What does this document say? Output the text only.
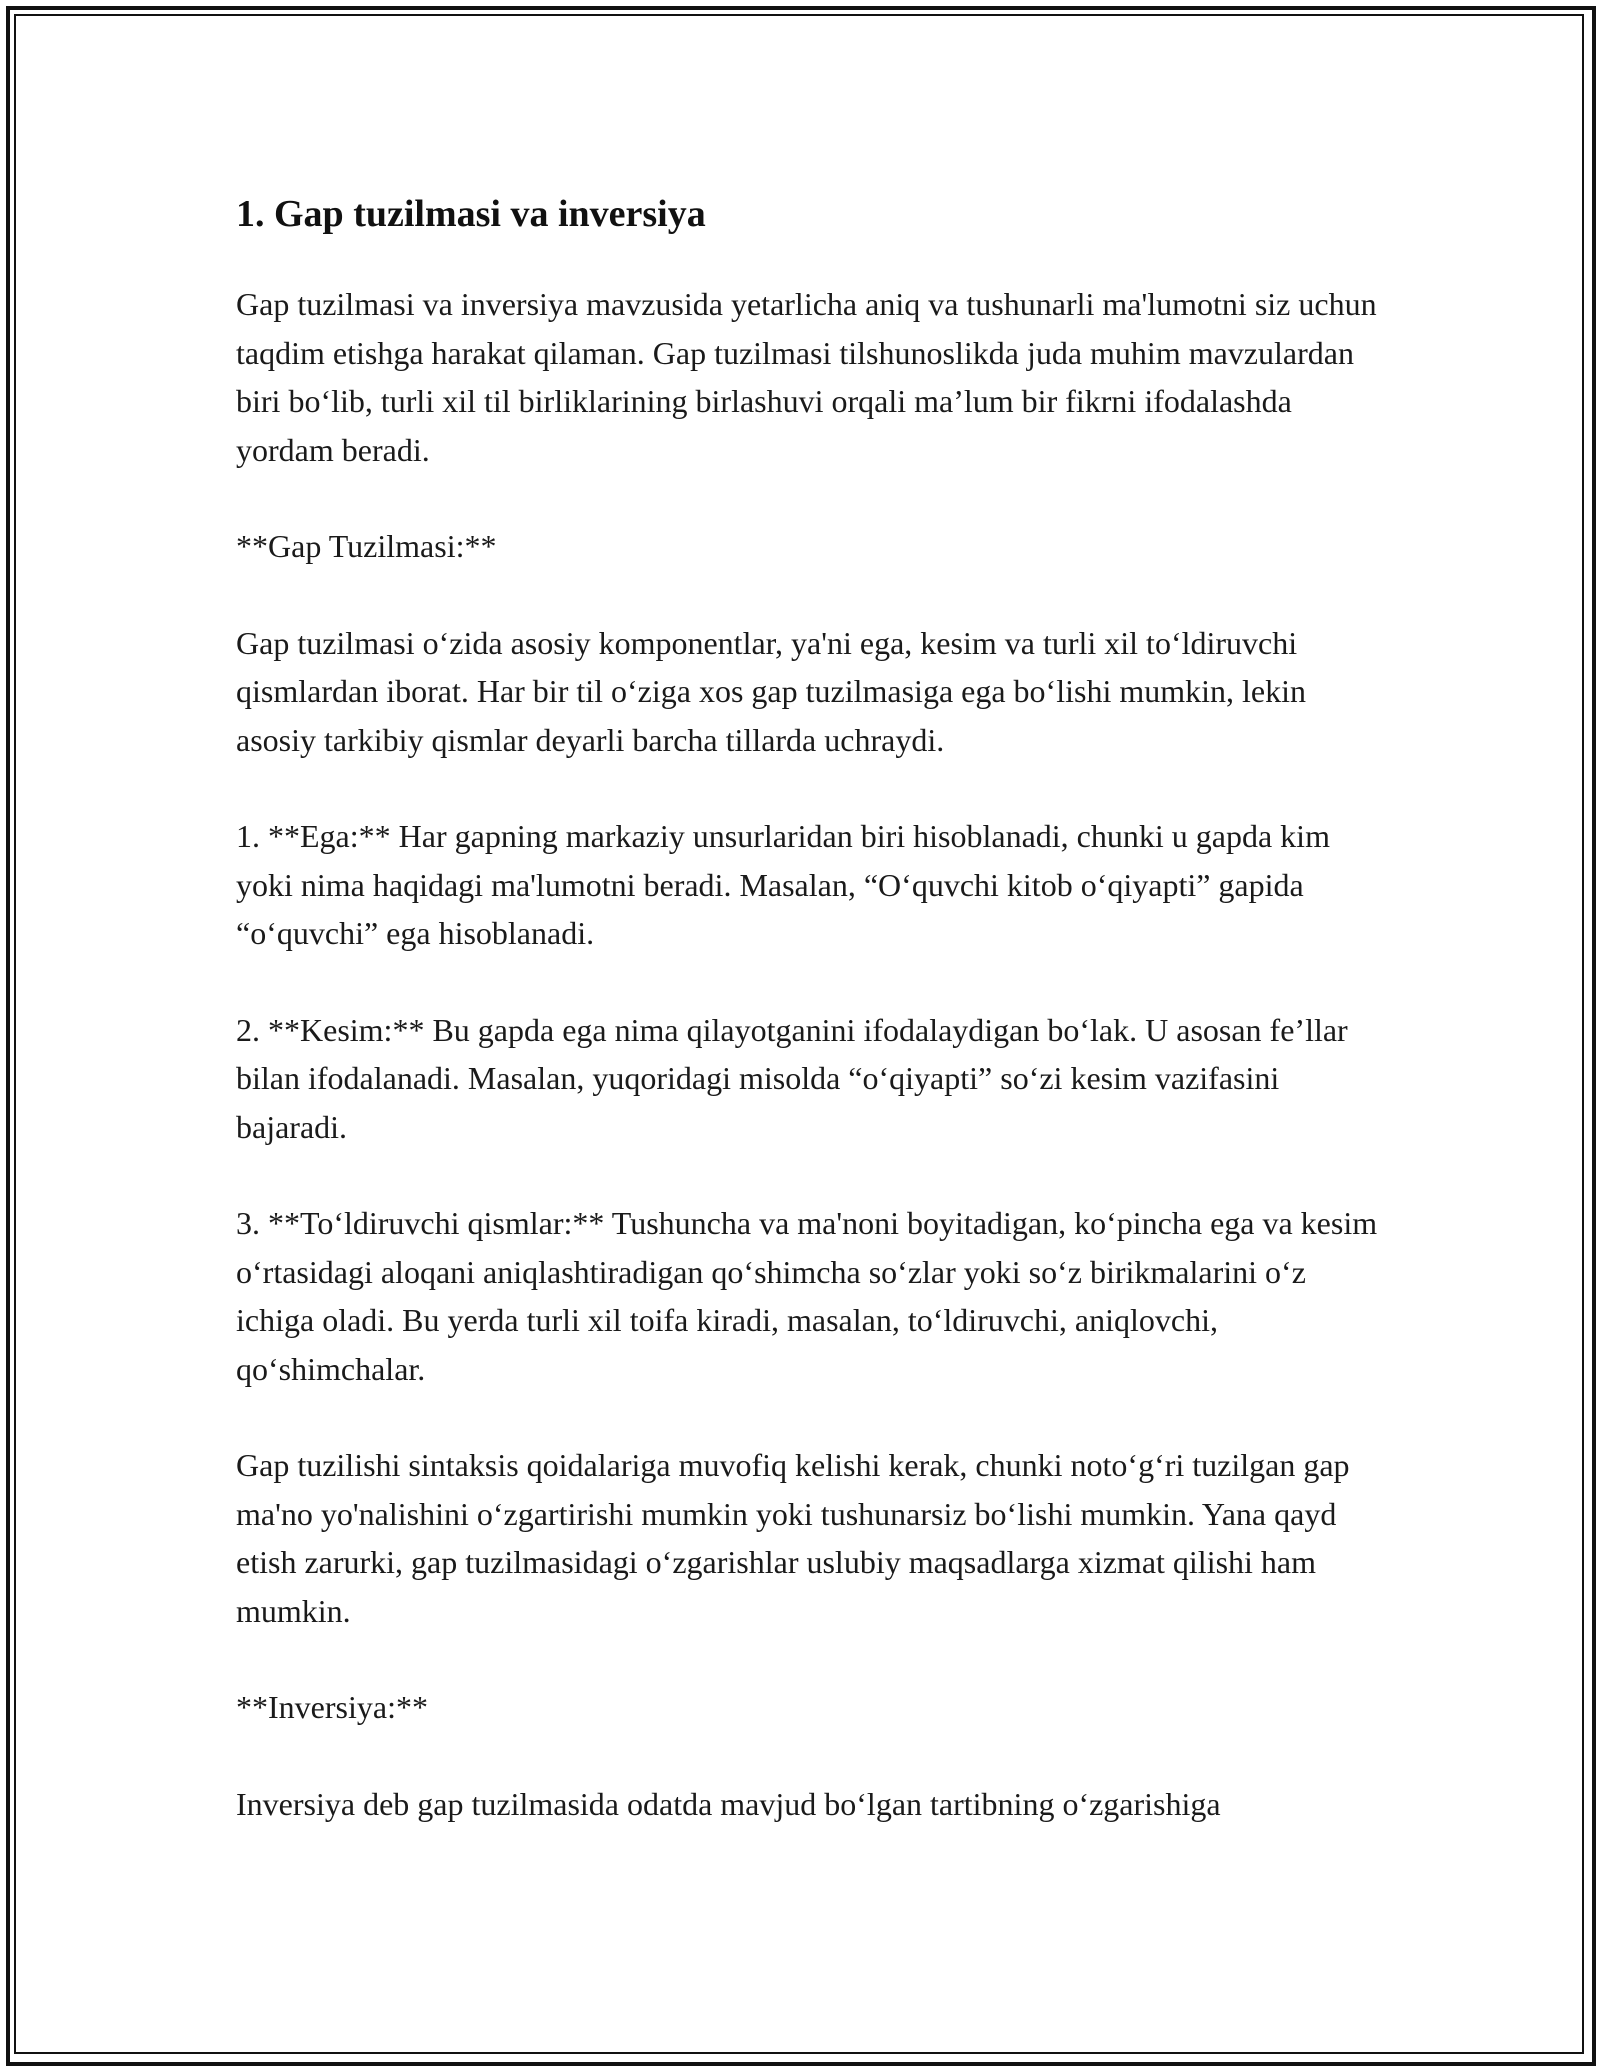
1. Gap tuzilmasi va inversiya

Gap tuzilmasi va inversiya mavzusida yetarlicha aniq va tushunarli ma'lumotni siz uchun taqdim etishga harakat qilaman. Gap tuzilmasi tilshunoslikda juda muhim mavzulardan biri bo‘lib, turli xil til birliklarining birlashuvi orqali ma’lum bir fikrni ifodalashda yordam beradi.

**Gap Tuzilmasi:**

Gap tuzilmasi o‘zida asosiy komponentlar, ya'ni ega, kesim va turli xil to‘ldiruvchi qismlardan iborat. Har bir til o‘ziga xos gap tuzilmasiga ega bo‘lishi mumkin, lekin asosiy tarkibiy qismlar deyarli barcha tillarda uchraydi.

1. **Ega:** Har gapning markaziy unsurlaridan biri hisoblanadi, chunki u gapda kim yoki nima haqidagi ma'lumotni beradi. Masalan, “O‘quvchi kitob o‘qiyapti” gapida “o‘quvchi” ega hisoblanadi.

2. **Kesim:** Bu gapda ega nima qilayotganini ifodalaydigan bo‘lak. U asosan fe’llar bilan ifodalanadi. Masalan, yuqoridagi misolda “o‘qiyapti” so‘zi kesim vazifasini bajaradi.

3. **To‘ldiruvchi qismlar:** Tushuncha va ma'noni boyitadigan, ko‘pincha ega va kesim o‘rtasidagi aloqani aniqlashtiradigan qo‘shimcha so‘zlar yoki so‘z birikmalarini o‘z ichiga oladi. Bu yerda turli xil toifa kiradi, masalan, to‘ldiruvchi, aniqlovchi, qo‘shimchalar.

Gap tuzilishi sintaksis qoidalariga muvofiq kelishi kerak, chunki noto‘g‘ri tuzilgan gap ma'no yo'nalishini o‘zgartirishi mumkin yoki tushunarsiz bo‘lishi mumkin. Yana qayd etish zarurki, gap tuzilmasidagi o‘zgarishlar uslubiy maqsadlarga xizmat qilishi ham mumkin.

**Inversiya:**

Inversiya deb gap tuzilmasida odatda mavjud bo‘lgan tartibning o‘zgarishiga
